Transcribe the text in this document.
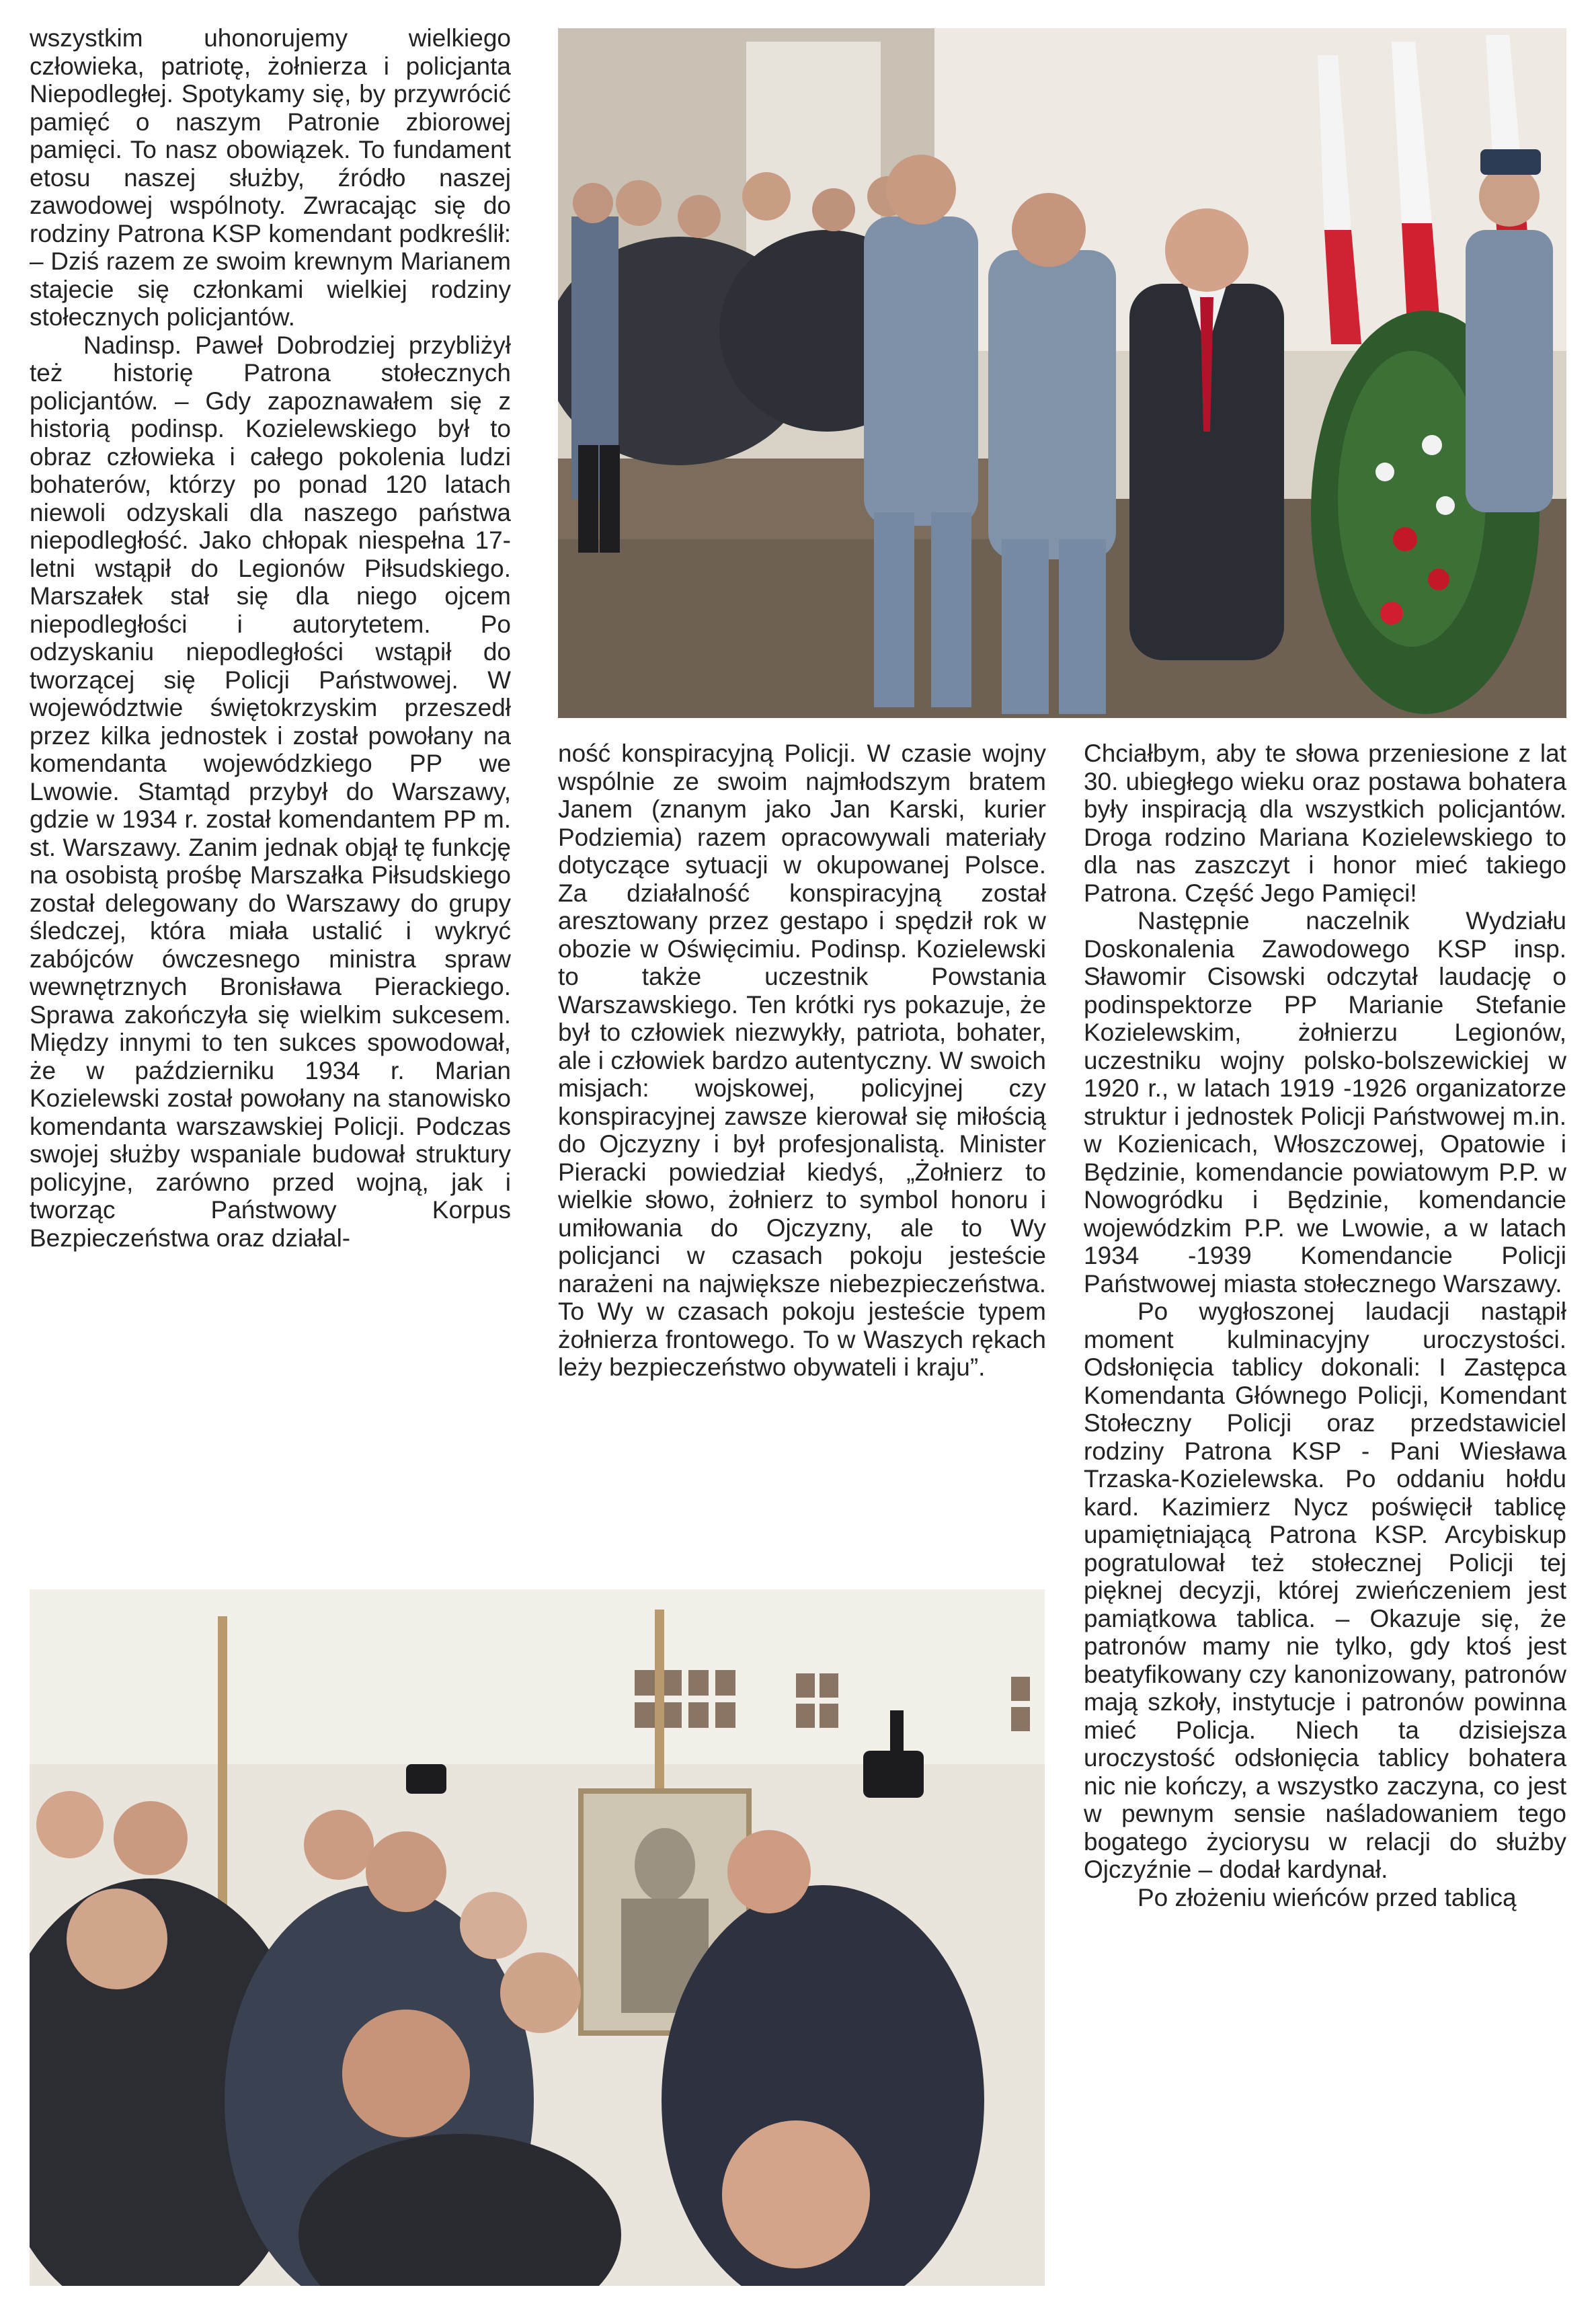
wszystkim uhonorujemy wielkiego człowieka, patriotę, żołnierza i policjanta Niepodległej. Spotykamy się, by przywrócić pamięć o naszym Patronie zbiorowej pamięci. To nasz obowiązek. To fundament etosu naszej służby, źródło naszej zawodowej wspólnoty. Zwracając się do rodziny Patrona KSP komendant podkreślił: – Dziś razem ze swoim krewnym Marianem stajecie się członkami wielkiej rodziny stołecznych policjantów.

Nadinsp. Paweł Dobrodziej przybliżył też historię Patrona stołecznych policjantów. – Gdy zapoznawałem się z historią podinsp. Kozielewskiego był to obraz człowieka i całego pokolenia ludzi bohaterów, którzy po ponad 120 latach niewoli odzyskali dla naszego państwa niepodległość. Jako chłopak niespełna 17-letni wstąpił do Legionów Piłsudskiego. Marszałek stał się dla niego ojcem niepodległości i autorytetem. Po odzyskaniu niepodległości wstąpił do tworzącej się Policji Państwowej. W województwie świętokrzyskim przeszedł przez kilka jednostek i został powołany na komendanta wojewódzkiego PP we Lwowie. Stamtąd przybył do Warszawy, gdzie w 1934 r. został komendantem PP m. st. Warszawy. Zanim jednak objął tę funkcję na osobistą prośbę Marszałka Piłsudskiego został delegowany do Warszawy do grupy śledczej, która miała ustalić i wykryć zabójców ówczesnego ministra spraw wewnętrznych Bronisława Pierackiego. Sprawa zakończyła się wielkim sukcesem. Między innymi to ten sukces spowodował, że w październiku 1934 r. Marian Kozielewski został powołany na stanowisko komendanta warszawskiej Policji. Podczas swojej służby wspaniale budował struktury policyjne, zarówno przed wojną, jak i tworząc Państwowy Korpus Bezpieczeństwa oraz działal-

ność konspiracyjną Policji. W czasie wojny wspólnie ze swoim najmłodszym bratem Janem (znanym jako Jan Karski, kurier Podziemia) razem opracowywali materiały dotyczące sytuacji w okupowanej Polsce. Za działalność konspiracyjną został aresztowany przez gestapo i spędził rok w obozie w Oświęcimiu. Podinsp. Kozielewski to także uczestnik Powstania Warszawskiego. Ten krótki rys pokazuje, że był to człowiek niezwykły, patriota, bohater, ale i człowiek bardzo autentyczny. W swoich misjach: wojskowej, policyjnej czy konspiracyjnej zawsze kierował się miłością do Ojczyzny i był profesjonalistą. Minister Pieracki powiedział kiedyś, „Żołnierz to wielkie słowo, żołnierz to symbol honoru i umiłowania do Ojczyzny, ale to Wy policjanci w czasach pokoju jesteście narażeni na największe niebezpieczeństwa. To Wy w czasach pokoju jesteście typem żołnierza frontowego. To w Waszych rękach leży bezpieczeństwo obywateli i kraju”.

Chciałbym, aby te słowa przeniesione z lat 30. ubiegłego wieku oraz postawa bohatera były inspiracją dla wszystkich policjantów. Droga rodzino Mariana Kozielewskiego to dla nas zaszczyt i honor mieć takiego Patrona. Część Jego Pamięci!

Następnie naczelnik Wydziału Doskonalenia Zawodowego KSP insp. Sławomir Cisowski odczytał laudację o podinspektorze PP Marianie Stefanie Kozielewskim, żołnierzu Legionów, uczestniku wojny polsko-bolszewickiej w 1920 r., w latach 1919 -1926 organizatorze struktur i jednostek Policji Państwowej m.in. w Kozienicach, Włoszczowej, Opatowie i Będzinie, komendancie powiatowym P.P. w Nowogródku i Będzinie, komendancie wojewódzkim P.P. we Lwowie, a w latach 1934 -1939 Komendancie Policji Państwowej miasta stołecznego Warszawy.

Po wygłoszonej laudacji nastąpił moment kulminacyjny uroczystości. Odsłonięcia tablicy dokonali: I Zastępca Komendanta Głównego Policji, Komendant Stołeczny Policji oraz przedstawiciel rodziny Patrona KSP - Pani Wiesława Trzaska-Kozielewska. Po oddaniu hołdu kard. Kazimierz Nycz poświęcił tablicę upamiętniającą Patrona KSP. Arcybiskup pogratulował też stołecznej Policji tej pięknej decyzji, której zwieńczeniem jest pamiątkowa tablica. – Okazuje się, że patronów mamy nie tylko, gdy ktoś jest beatyfikowany czy kanonizowany, patronów mają szkoły, instytucje i patronów powinna mieć Policja. Niech ta dzisiejsza uroczystość odsłonięcia tablicy bohatera nic nie kończy, a wszystko zaczyna, co jest w pewnym sensie naśladowaniem tego bogatego życiorysu w relacji do służby Ojczyźnie – dodał kardynał.

Po złożeniu wieńców przed tablicą
